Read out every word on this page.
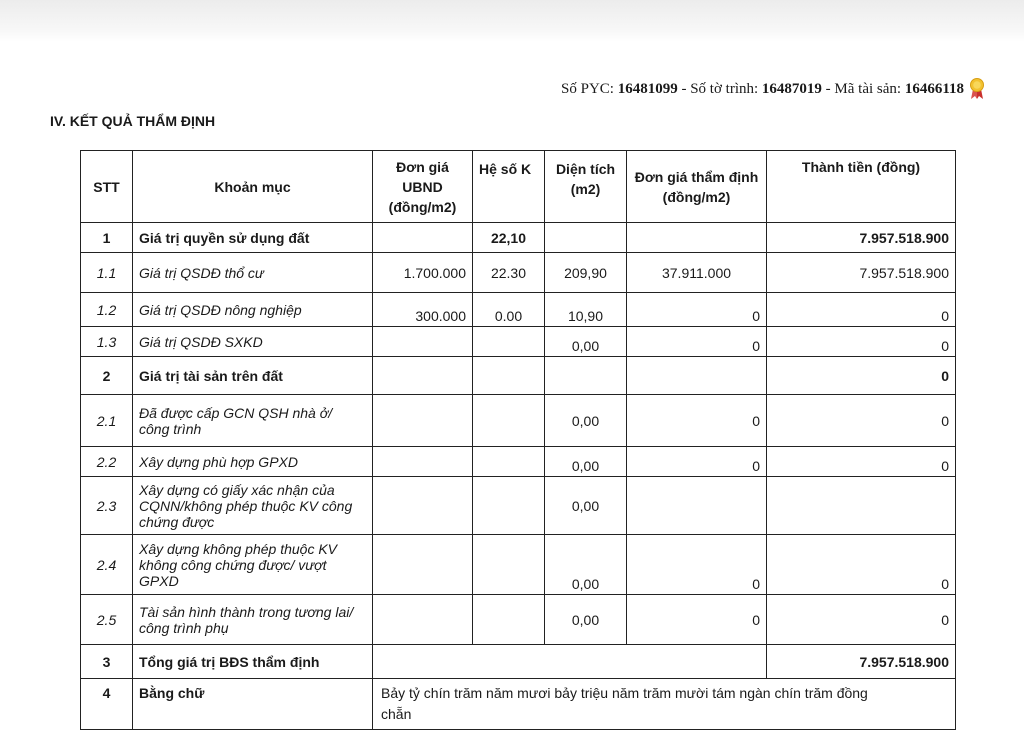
Số PYC:
16481099
- Số tờ trình:
16487019
- Mã tài sản:
16466118
IV. KẾT QUẢ THẨM ĐỊNH
STT	Khoản mục	Đơn giá UBND (đồng/m2)	Hệ số K	Diện tích (m2)	Đơn giá thẩm định (đồng/m2)	Thành tiền (đồng)
1	Giá trị quyền sử dụng đất		22,10			7.957.518.900
1.1	Giá trị QSDĐ thổ cư	1.700.000	22.30	209,90	37.911.000	7.957.518.900
1.2	Giá trị QSDĐ nông nghiệp	300.000	0.00	10,90	0	0
1.3	Giá trị QSDĐ SXKD			0,00	0	0
2	Giá trị tài sản trên đất					0
2.1	Đã được cấp GCN QSH nhà ở/ công trình			0,00	0	0
2.2	Xây dựng phù hợp GPXD			0,00	0	0
2.3	Xây dựng có giấy xác nhận của CQNN/không phép thuộc KV công chứng được			0,00		
2.4	Xây dựng không phép thuộc KV không công chứng được/ vượt GPXD			0,00	0	0
2.5	Tài sản hình thành trong tương lai/ công trình phụ			0,00	0	0
3	Tổng giá trị BĐS thẩm định					7.957.518.900
4	Bằng chữ	Bảy tỷ chín trăm năm mươi bảy triệu năm trăm mười tám ngàn chín trăm đồng chẵn				
